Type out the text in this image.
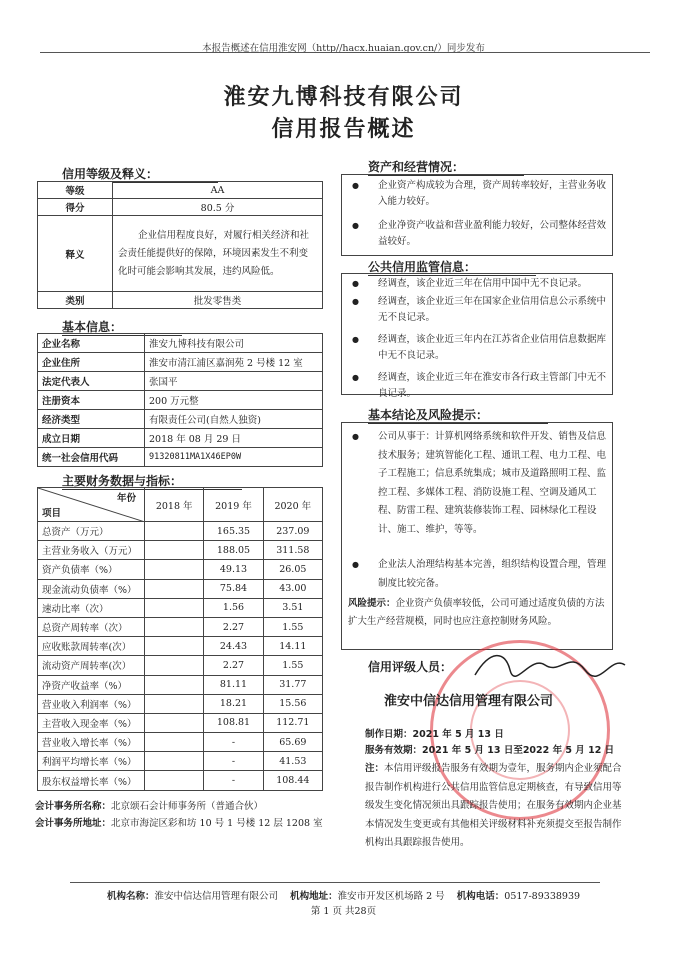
本报告概述在信用淮安网（http//hacx.huaian.gov.cn/）同步发布
淮安九博科技有限公司
信用报告概述
信用等级及释义：
等级	AA
得分	80.5 分
释义	企业信用程度良好，对履行相关经济和社会责任能提供好的保障，环境因素发生不利变化时可能会影响其发展，违约风险低。
类别	批发零售类
基本信息：
企业名称	淮安九博科技有限公司
企业住所	淮安市清江浦区嘉润苑 2 号楼 12 室
法定代表人	张国平
注册资本	200 万元整
经济类型	有限责任公司(自然人独资)
成立日期	2018 年 08 月 29 日
统一社会信用代码	91320811MA1X46EP0W
主要财务数据与指标：
年份
项目	2018 年	2019 年	2020 年
总资产（万元）		165.35	237.09
主营业务收入（万元）		188.05	311.58
资产负债率（%）		49.13	26.05
现金流动负债率（%）		75.84	43.00
速动比率（次）		1.56	3.51
总资产周转率（次）		2.27	1.55
应收账款周转率(次）		24.43	14.11
流动资产周转率(次）		2.27	1.55
净资产收益率（%）		81.11	31.77
营业收入利润率（%）		18.21	15.56
主营收入现金率（%）		108.81	112.71
营业收入增长率（%）		-	65.69
利润平均增长率（%）		-	41.53
股东权益增长率（%）		-	108.44
会计事务所名称：北京颂石会计师事务所（普通合伙）
会计事务所地址：北京市海淀区彩和坊 10 号 1 号楼 12 层 1208 室
资产和经营情况：
●	企业资产构成较为合理，资产周转率较好，主营业务收入能力较好。
●	企业净资产收益和营业盈利能力较好，公司整体经营效益较好。
公共信用监管信息：
●	经调查，该企业近三年在信用中国中无不良记录。
●	经调查，该企业近三年在国家企业信用信息公示系统中无不良记录。
●	经调查，该企业近三年内在江苏省企业信用信息数据库中无不良记录。
●	经调查，该企业近三年在淮安市各行政主管部门中无不良记录。
基本结论及风险提示：
●	公司从事于：计算机网络系统和软件开发、销售及信息技术服务；建筑智能化工程、通讯工程、电力工程、电子工程施工；信息系统集成；城市及道路照明工程、监控工程、多媒体工程、消防设施工程、空调及通风工程、防雷工程、建筑装修装饰工程、园林绿化工程设计、施工、维护，等等。
●	企业法人治理结构基本完善，组织结构设置合理，管理制度比较完备。
风险提示：企业资产负债率较低，公司可通过适度负债的方法扩大生产经营规模，同时也应注意控制财务风险。
信用评级人员：
淮安中信达信用管理有限公司
制作日期：2021 年 5 月 13 日
服务有效期：2021 年 5 月 13 日至2022 年 5 月 12 日
注：本信用评级报告服务有效期为壹年，服务期内企业须配合报告制作机构进行公共信用监管信息定期核查，有导致信用等级发生变化情况须出具跟踪报告使用；在服务有效期内企业基本情况发生变更或有其他相关评级材料补充须提交至报告制作机构出具跟踪报告使用。
机构名称：淮安中信达信用管理有限公司 机构地址：淮安市开发区机场路 2 号 机构电话：0517-89338939
第 1 页 共28页
